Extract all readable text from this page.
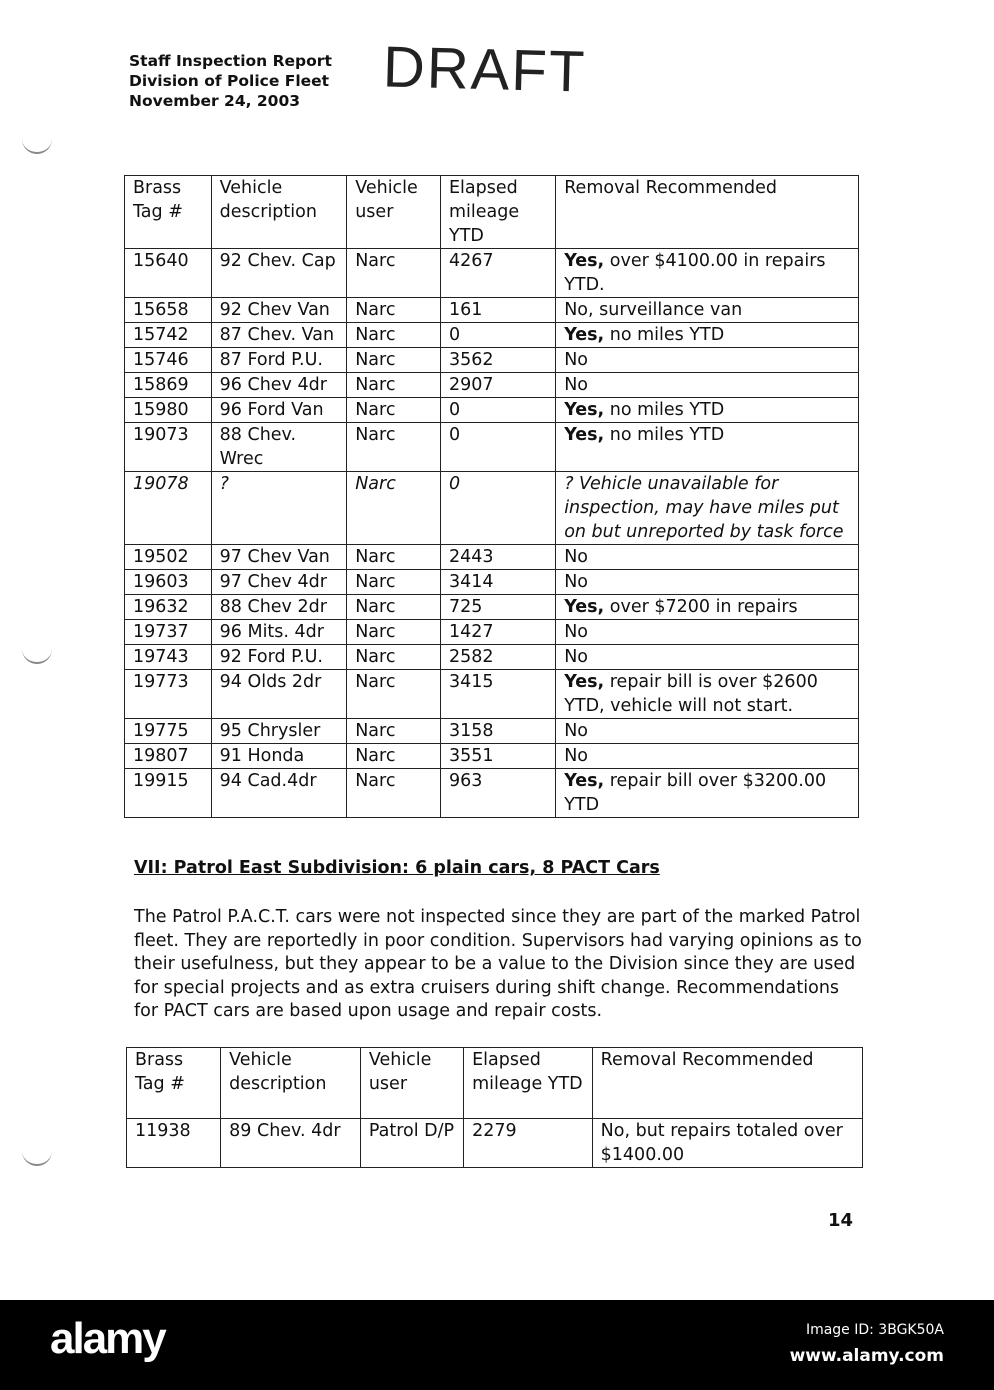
Staff Inspection Report
Division of Police Fleet
November 24, 2003	DRAFT
Brass Tag #	Vehicle description	Vehicle user	Elapsed mileage YTD	Removal Recommended
15640	92 Chev. Cap	Narc	4267	Yes, over $4100.00 in repairs YTD.
15658	92 Chev Van	Narc	161	No, surveillance van
15742	87 Chev. Van	Narc	0	Yes, no miles YTD
15746	87 Ford P.U.	Narc	3562	No
15869	96 Chev 4dr	Narc	2907	No
15980	96 Ford Van	Narc	0	Yes, no miles YTD
19073	88 Chev. Wrec	Narc	0	Yes, no miles YTD
19078	?	Narc	0	? Vehicle unavailable for inspection, may have miles put on but unreported by task force
19502	97 Chev Van	Narc	2443	No
19603	97 Chev 4dr	Narc	3414	No
19632	88 Chev 2dr	Narc	725	Yes, over $7200 in repairs
19737	96 Mits. 4dr	Narc	1427	No
19743	92 Ford P.U.	Narc	2582	No
19773	94 Olds 2dr	Narc	3415	Yes, repair bill is over $2600 YTD, vehicle will not start.
19775	95 Chrysler	Narc	3158	No
19807	91 Honda	Narc	3551	No
19915	94 Cad.4dr	Narc	963	Yes, repair bill over $3200.00 YTD
VII: Patrol East Subdivision: 6 plain cars, 8 PACT Cars
The Patrol P.A.C.T. cars were not inspected since they are part of the marked Patrol fleet. They are reportedly in poor condition. Supervisors had varying opinions as to their usefulness, but they appear to be a value to the Division since they are used for special projects and as extra cruisers during shift change. Recommendations for PACT cars are based upon usage and repair costs.
Brass Tag #	Vehicle description	Vehicle user	Elapsed mileage YTD	Removal Recommended
11938	89 Chev. 4dr	Patrol D/P	2279	No, but repairs totaled over $1400.00
14
alamy	Image ID: 3BGK50A
www.alamy.com
